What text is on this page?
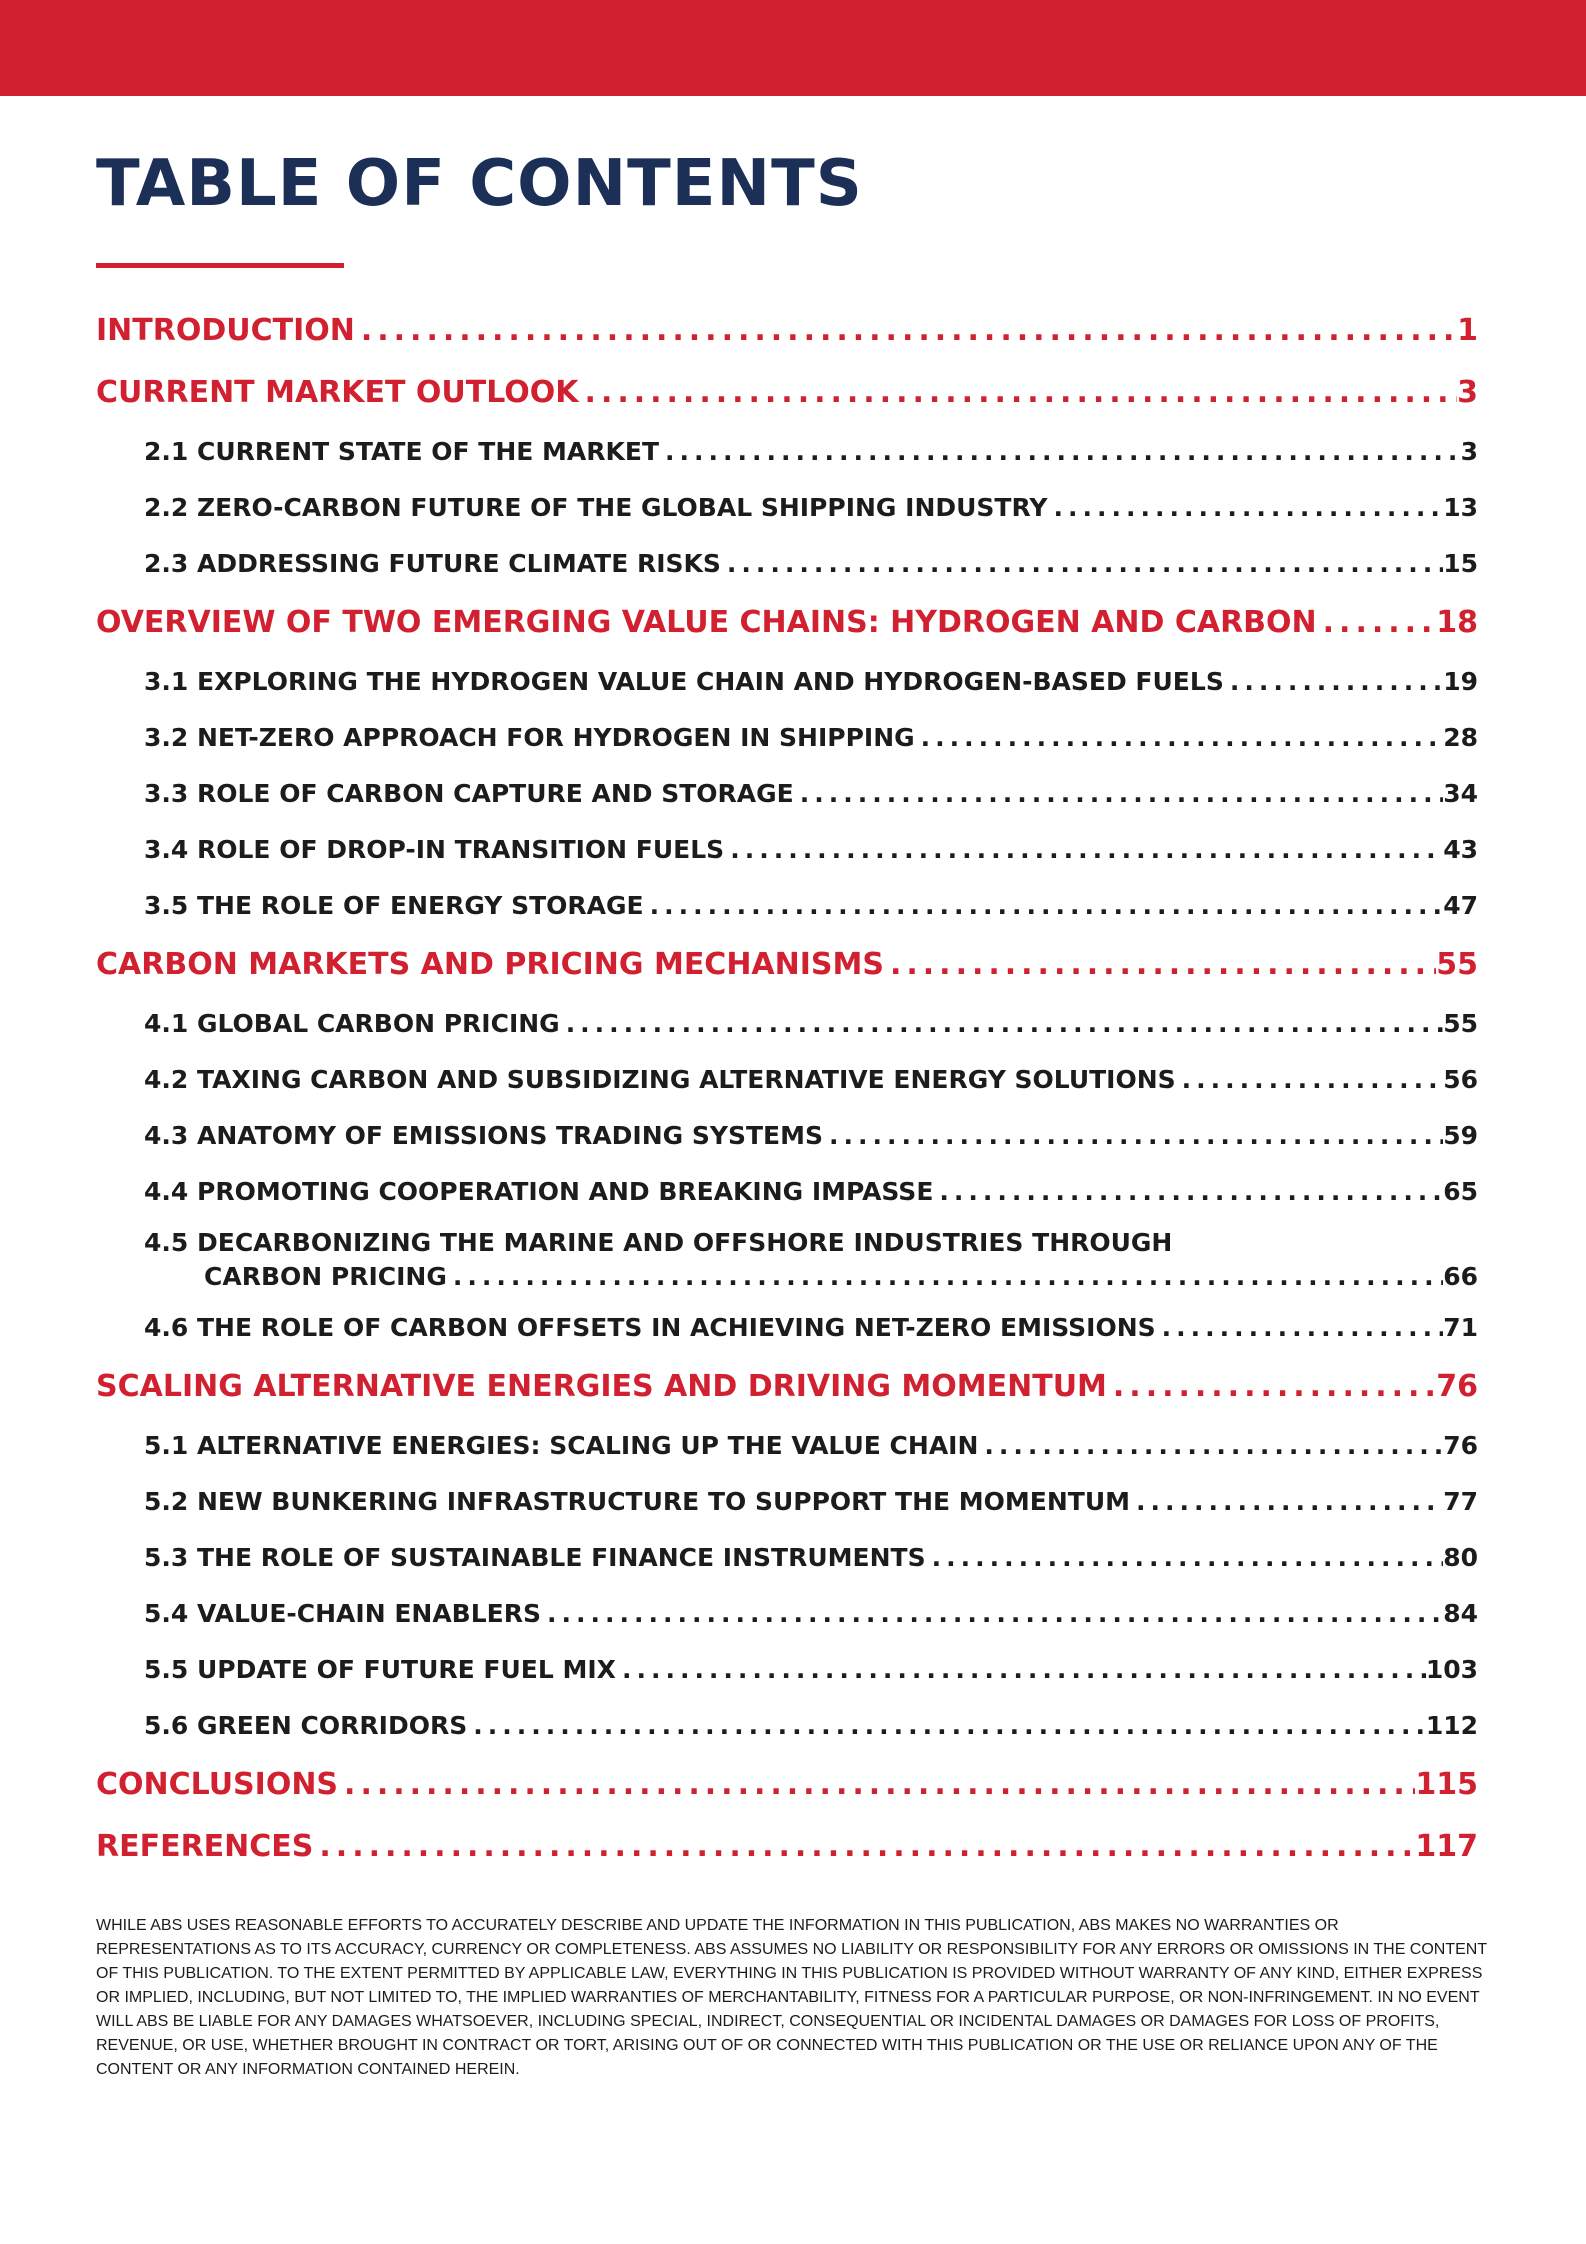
TABLE OF CONTENTS
INTRODUCTION .....	1
CURRENT MARKET OUTLOOK .....	3
2.1 CURRENT STATE OF THE MARKET .....	3
2.2 ZERO-CARBON FUTURE OF THE GLOBAL SHIPPING INDUSTRY .....	13
2.3 ADDRESSING FUTURE CLIMATE RISKS .....	15
OVERVIEW OF TWO EMERGING VALUE CHAINS: HYDROGEN AND CARBON .....	18
3.1 EXPLORING THE HYDROGEN VALUE CHAIN AND HYDROGEN-BASED FUELS .....	19
3.2 NET-ZERO APPROACH FOR HYDROGEN IN SHIPPING .....	28
3.3 ROLE OF CARBON CAPTURE AND STORAGE .....	34
3.4 ROLE OF DROP-IN TRANSITION FUELS .....	43
3.5 THE ROLE OF ENERGY STORAGE .....	47
CARBON MARKETS AND PRICING MECHANISMS .....	55
4.1 GLOBAL CARBON PRICING .....	55
4.2 TAXING CARBON AND SUBSIDIZING ALTERNATIVE ENERGY SOLUTIONS .....	56
4.3 ANATOMY OF EMISSIONS TRADING SYSTEMS .....	59
4.4 PROMOTING COOPERATION AND BREAKING IMPASSE .....	65
4.5 DECARBONIZING THE MARINE AND OFFSHORE INDUSTRIES THROUGH
CARBON PRICING .....	66
4.6 THE ROLE OF CARBON OFFSETS IN ACHIEVING NET-ZERO EMISSIONS .....	71
SCALING ALTERNATIVE ENERGIES AND DRIVING MOMENTUM .....	76
5.1 ALTERNATIVE ENERGIES: SCALING UP THE VALUE CHAIN .....	76
5.2 NEW BUNKERING INFRASTRUCTURE TO SUPPORT THE MOMENTUM .....	77
5.3 THE ROLE OF SUSTAINABLE FINANCE INSTRUMENTS .....	80
5.4 VALUE-CHAIN ENABLERS .....	84
5.5 UPDATE OF FUTURE FUEL MIX .....	103
5.6 GREEN CORRIDORS .....	112
CONCLUSIONS .....	115
REFERENCES .....	117

WHILE ABS USES REASONABLE EFFORTS TO ACCURATELY DESCRIBE AND UPDATE THE INFORMATION IN THIS PUBLICATION, ABS MAKES NO WARRANTIES OR REPRESENTATIONS AS TO ITS ACCURACY, CURRENCY OR COMPLETENESS. ABS ASSUMES NO LIABILITY OR RESPONSIBILITY FOR ANY ERRORS OR OMISSIONS IN THE CONTENT OF THIS PUBLICATION. TO THE EXTENT PERMITTED BY APPLICABLE LAW, EVERYTHING IN THIS PUBLICATION IS PROVIDED WITHOUT WARRANTY OF ANY KIND, EITHER EXPRESS OR IMPLIED, INCLUDING, BUT NOT LIMITED TO, THE IMPLIED WARRANTIES OF MERCHANTABILITY, FITNESS FOR A PARTICULAR PURPOSE, OR NON-INFRINGEMENT. IN NO EVENT WILL ABS BE LIABLE FOR ANY DAMAGES WHATSOEVER, INCLUDING SPECIAL, INDIRECT, CONSEQUENTIAL OR INCIDENTAL DAMAGES OR DAMAGES FOR LOSS OF PROFITS, REVENUE, OR USE, WHETHER BROUGHT IN CONTRACT OR TORT, ARISING OUT OF OR CONNECTED WITH THIS PUBLICATION OR THE USE OR RELIANCE UPON ANY OF THE CONTENT OR ANY INFORMATION CONTAINED HEREIN.
